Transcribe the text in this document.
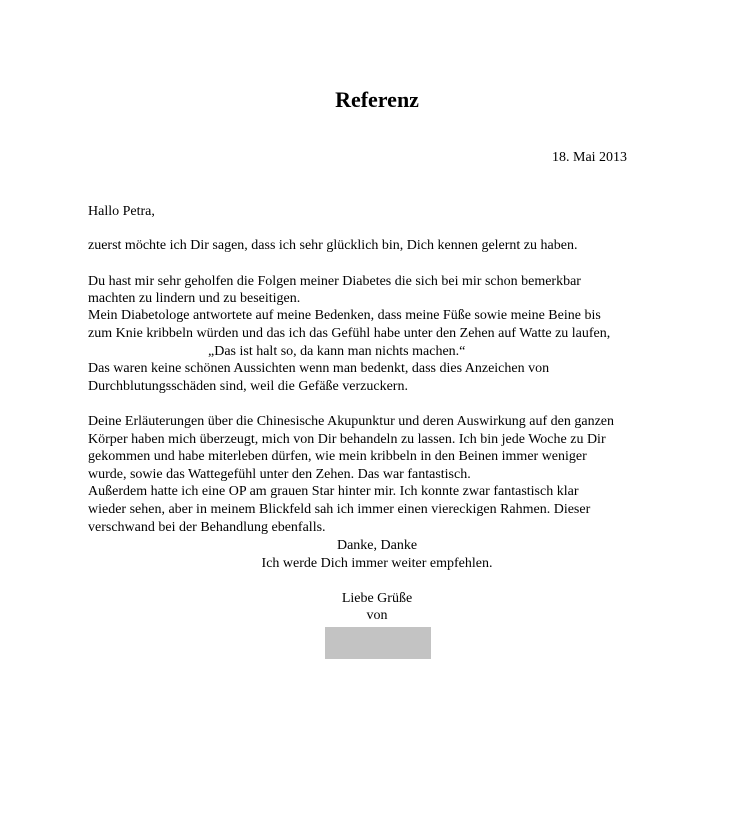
Referenz
18. Mai 2013
Hallo Petra,
zuerst möchte ich Dir sagen, dass ich sehr glücklich bin, Dich kennen gelernt zu haben.
Du hast mir sehr geholfen die Folgen meiner Diabetes die sich bei mir schon bemerkbar
machten zu lindern und zu beseitigen.
Mein Diabetologe antwortete auf meine Bedenken, dass meine Füße sowie meine Beine bis
zum Knie kribbeln würden und das ich das Gefühl habe unter den Zehen auf Watte zu laufen,
„Das ist halt so, da kann man nichts machen.“
Das waren keine schönen Aussichten wenn man bedenkt, dass dies Anzeichen von
Durchblutungsschäden sind, weil die Gefäße verzuckern.
Deine Erläuterungen über die Chinesische Akupunktur und deren Auswirkung auf den ganzen
Körper haben mich überzeugt, mich von Dir behandeln zu lassen. Ich bin jede Woche zu Dir
gekommen und habe miterleben dürfen, wie mein kribbeln in den Beinen immer weniger
wurde, sowie das Wattegefühl unter den Zehen. Das war fantastisch.
Außerdem hatte ich eine OP am grauen Star hinter mir. Ich konnte zwar fantastisch klar
wieder sehen, aber in meinem Blickfeld sah ich immer einen viereckigen Rahmen. Dieser
verschwand bei der Behandlung ebenfalls.
Danke, Danke
Ich werde Dich immer weiter empfehlen.
Liebe Grüße
von
